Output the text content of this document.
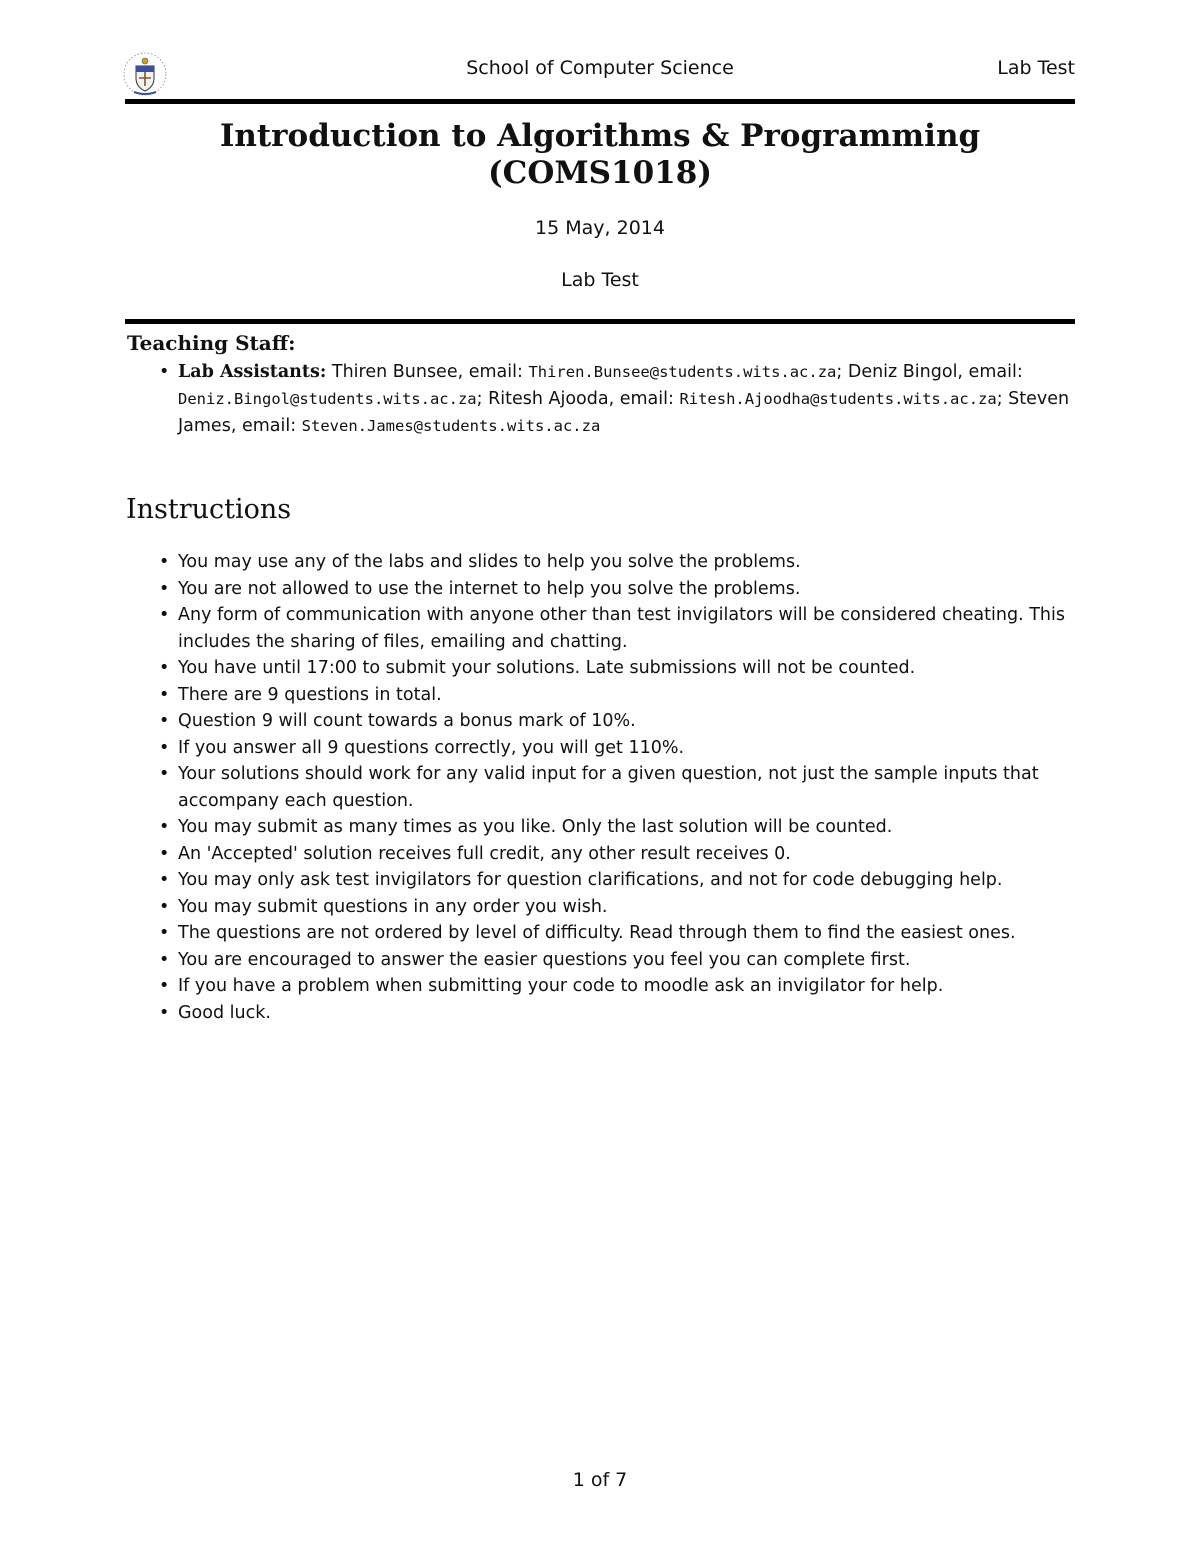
School of Computer Science	Lab Test
Introduction to Algorithms & Programming
(COMS1018)
15 May, 2014
Lab Test
Teaching Staff:
• Lab Assistants: Thiren Bunsee, email: Thiren.Bunsee@students.wits.ac.za; Deniz Bingol, email: Deniz.Bingol@students.wits.ac.za; Ritesh Ajooda, email: Ritesh.Ajoodha@students.wits.ac.za; Steven James, email: Steven.James@students.wits.ac.za
Instructions
• You may use any of the labs and slides to help you solve the problems.
• You are not allowed to use the internet to help you solve the problems.
• Any form of communication with anyone other than test invigilators will be considered cheating. This includes the sharing of files, emailing and chatting.
• You have until 17:00 to submit your solutions. Late submissions will not be counted.
• There are 9 questions in total.
• Question 9 will count towards a bonus mark of 10%.
• If you answer all 9 questions correctly, you will get 110%.
• Your solutions should work for any valid input for a given question, not just the sample inputs that accompany each question.
• You may submit as many times as you like. Only the last solution will be counted.
• An 'Accepted' solution receives full credit, any other result receives 0.
• You may only ask test invigilators for question clarifications, and not for code debugging help.
• You may submit questions in any order you wish.
• The questions are not ordered by level of difficulty. Read through them to find the easiest ones.
• You are encouraged to answer the easier questions you feel you can complete first.
• If you have a problem when submitting your code to moodle ask an invigilator for help.
• Good luck.
1 of 7
